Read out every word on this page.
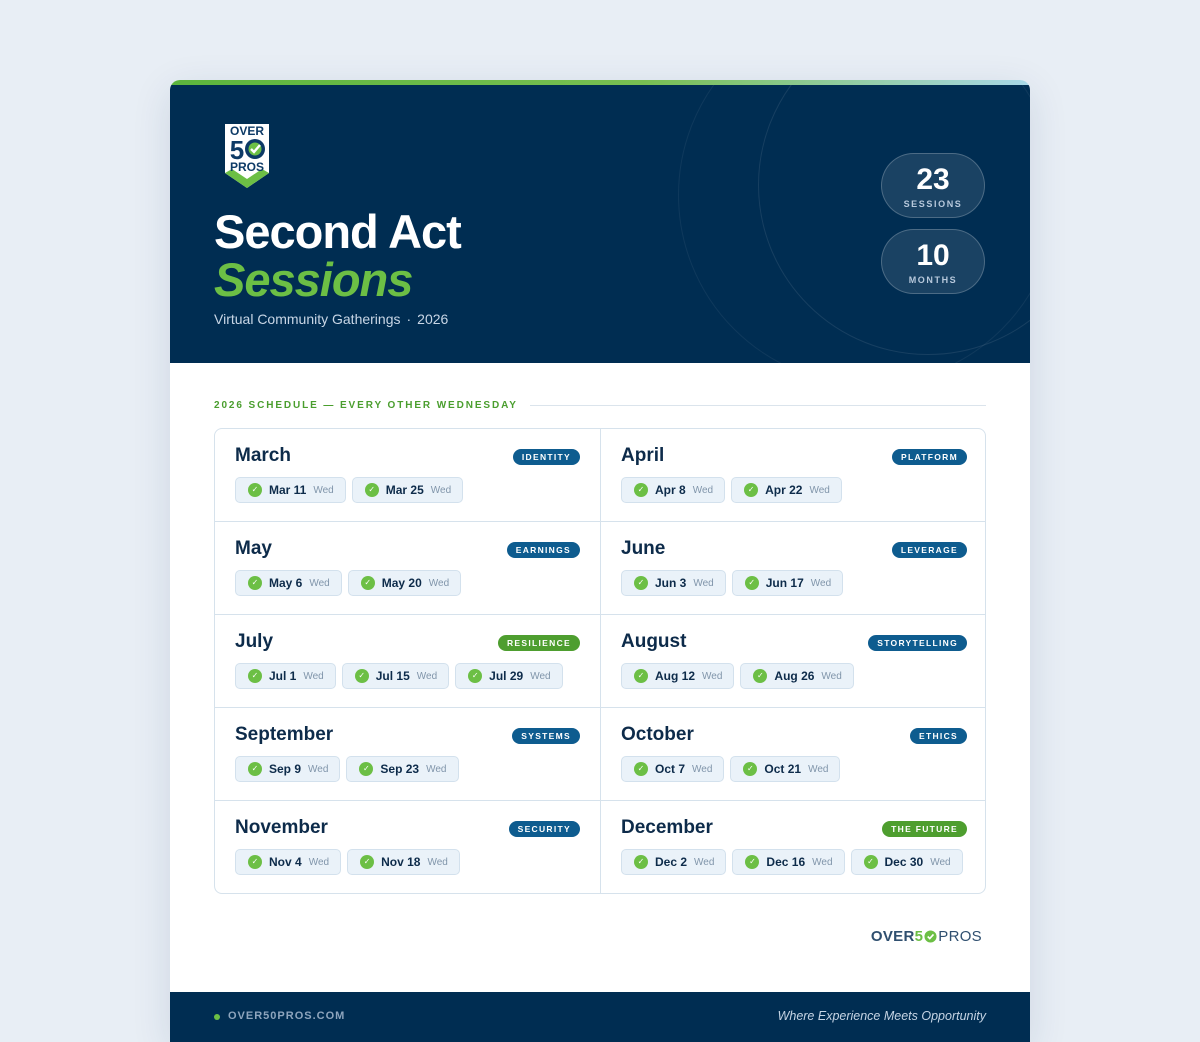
OVER
5
PROS
Second Act
Sessions
Virtual Community Gatherings · 2026
23
SESSIONS
10
MONTHS
2026 SCHEDULE — EVERY OTHER WEDNESDAY
March	IDENTITY
✓ Mar 11 Wed	✓ Mar 25 Wed
April	PLATFORM
✓ Apr 8 Wed	✓ Apr 22 Wed
May	EARNINGS
✓ May 6 Wed	✓ May 20 Wed
June	LEVERAGE
✓ Jun 3 Wed	✓ Jun 17 Wed
July	RESILIENCE
✓ Jul 1 Wed	✓ Jul 15 Wed	✓ Jul 29 Wed
August	STORYTELLING
✓ Aug 12 Wed	✓ Aug 26 Wed
September	SYSTEMS
✓ Sep 9 Wed	✓ Sep 23 Wed
October	ETHICS
✓ Oct 7 Wed	✓ Oct 21 Wed
November	SECURITY
✓ Nov 4 Wed	✓ Nov 18 Wed
December	THE FUTURE
✓ Dec 2 Wed	✓ Dec 16 Wed	✓ Dec 30 Wed
OVER 5 PROS
OVER50PROS.COM	Where Experience Meets Opportunity
